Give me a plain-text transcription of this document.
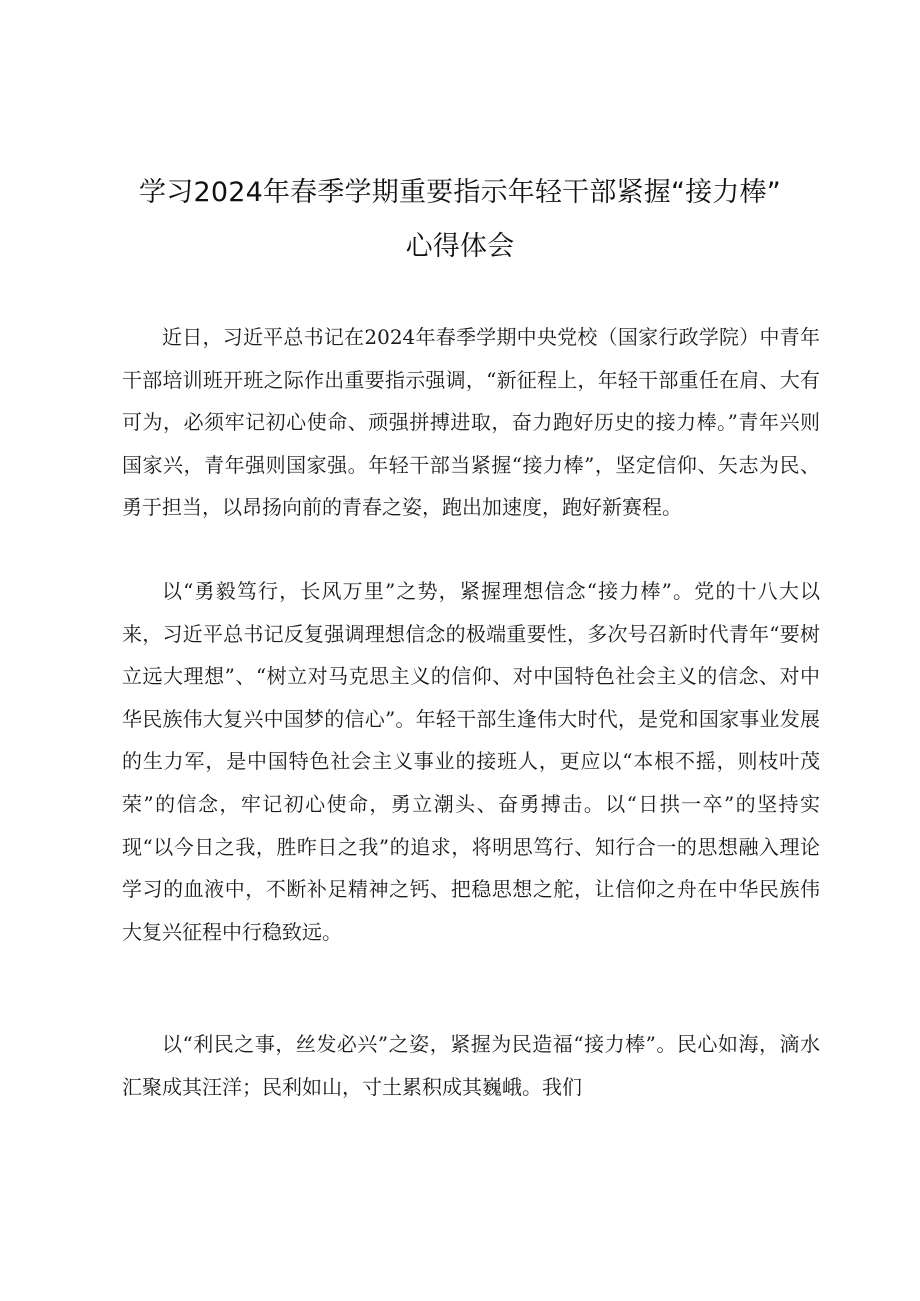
学习2024年春季学期重要指示年轻干部紧握“接力棒”
心得体会

近日，习近平总书记在2024年春季学期中央党校（国家行政学院）中青年干部培训班开班之际作出重要指示强调，“新征程上，年轻干部重任在肩、大有可为，必须牢记初心使命、顽强拼搏进取，奋力跑好历史的接力棒。”青年兴则国家兴，青年强则国家强。年轻干部当紧握“接力棒”，坚定信仰、矢志为民、勇于担当，以昂扬向前的青春之姿，跑出加速度，跑好新赛程。

以“勇毅笃行，长风万里”之势，紧握理想信念“接力棒”。党的十八大以来，习近平总书记反复强调理想信念的极端重要性，多次号召新时代青年“要树立远大理想”、“树立对马克思主义的信仰、对中国特色社会主义的信念、对中华民族伟大复兴中国梦的信心”。年轻干部生逢伟大时代，是党和国家事业发展的生力军，是中国特色社会主义事业的接班人，更应以“本根不摇，则枝叶茂荣”的信念，牢记初心使命，勇立潮头、奋勇搏击。以“日拱一卒”的坚持实现“以今日之我，胜昨日之我”的追求，将明思笃行、知行合一的思想融入理论学习的血液中，不断补足精神之钙、把稳思想之舵，让信仰之舟在中华民族伟大复兴征程中行稳致远。

以“利民之事，丝发必兴”之姿，紧握为民造福“接力棒”。民心如海，滴水汇聚成其汪洋；民利如山，寸土累积成其巍峨。我们
